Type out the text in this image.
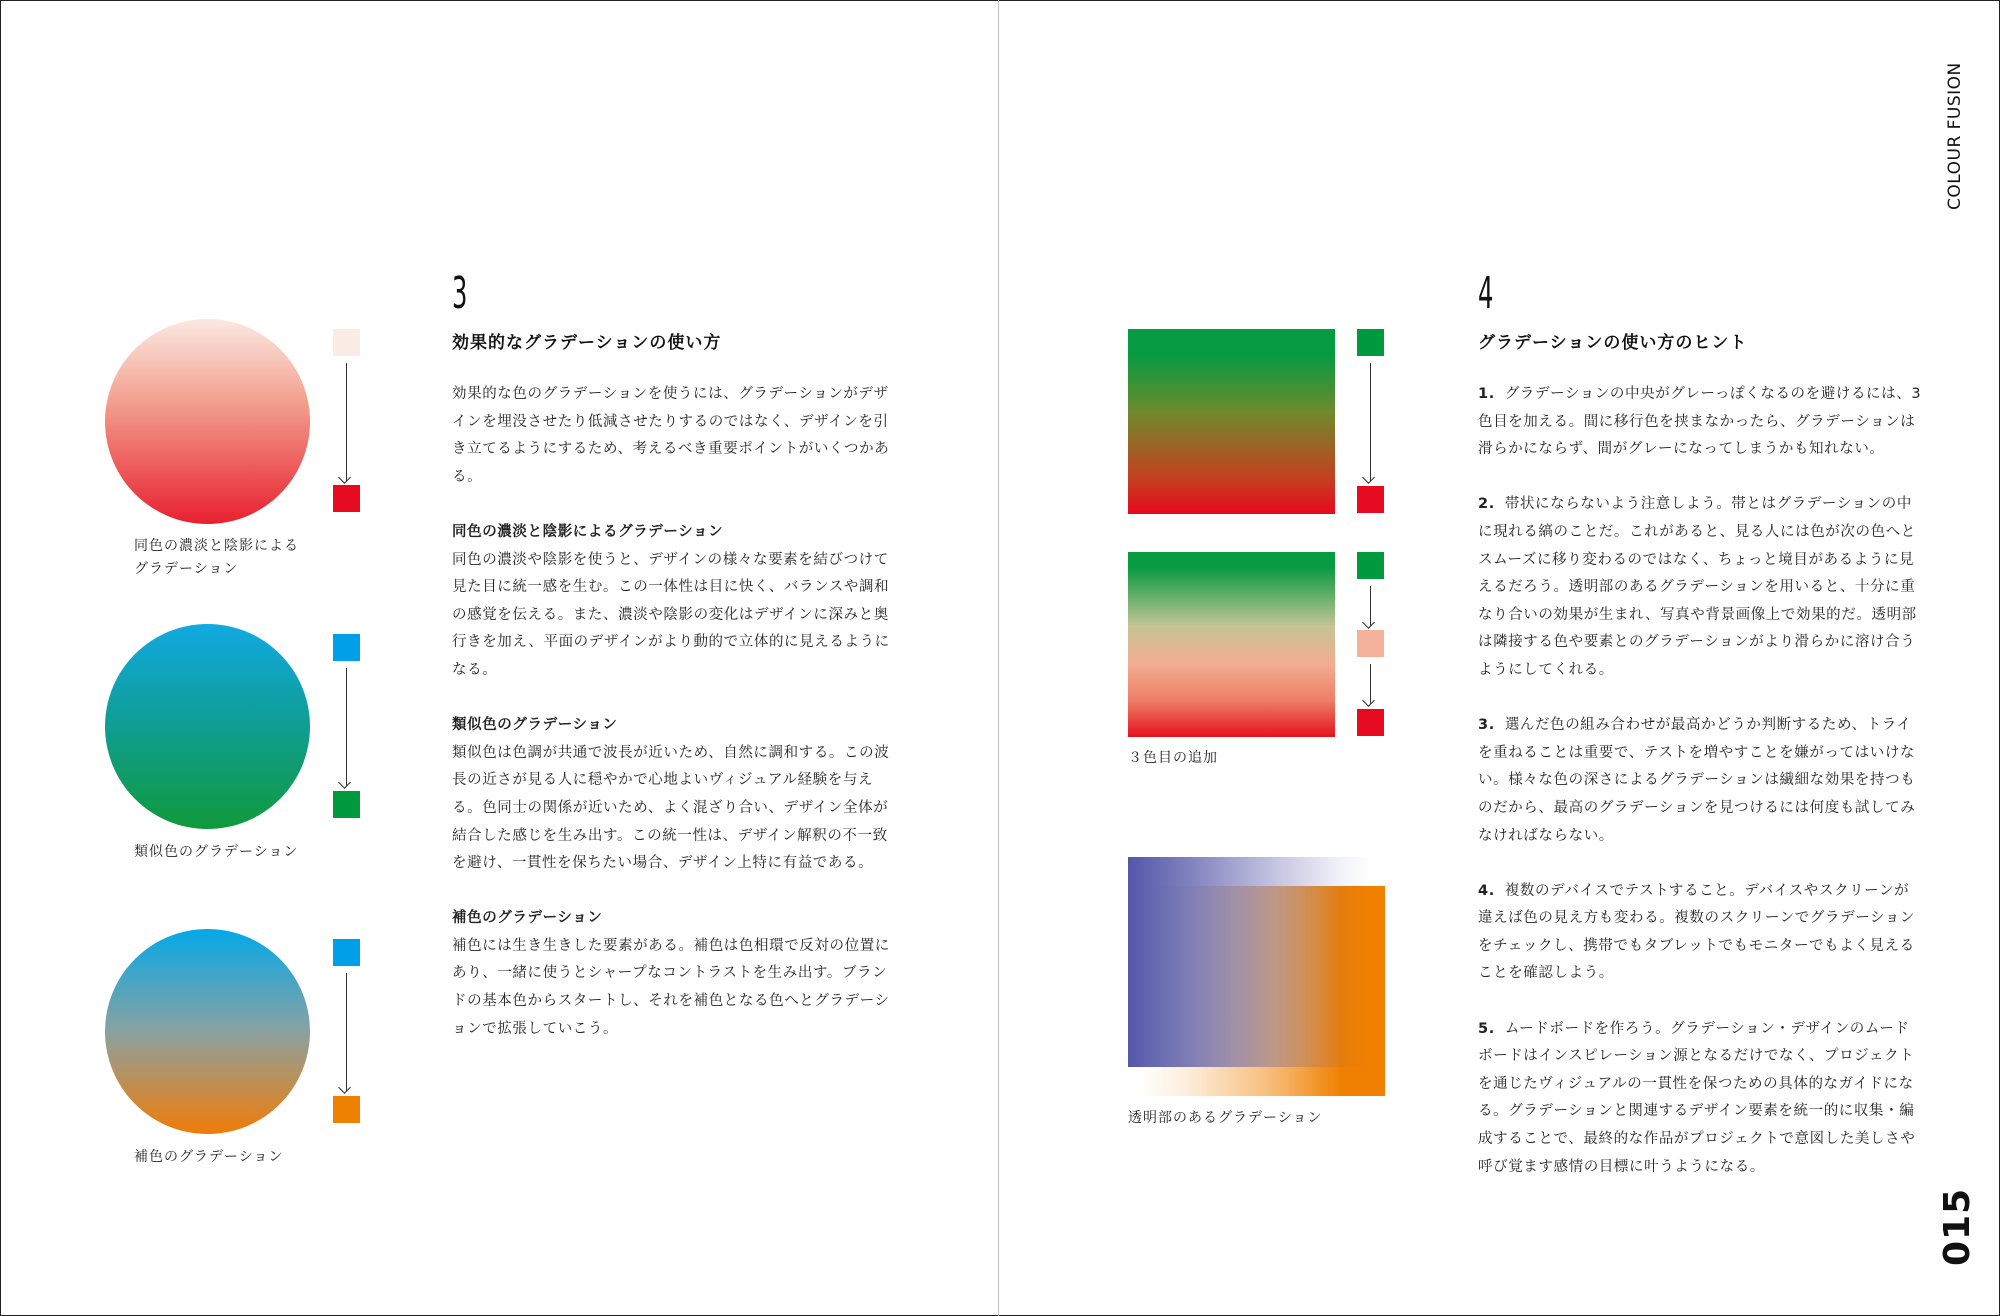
同色の濃淡と陰影による
グラデーション
類似色のグラデーション
補色のグラデーション
3
効果的なグラデーションの使い方

効果的な色のグラデーションを使うには、グラデーションがデザインを埋没させたり低減させたりするのではなく、デザインを引き立てるようにするため、考えるべき重要ポイントがいくつかある。

同色の濃淡と陰影によるグラデーション
同色の濃淡や陰影を使うと、デザインの様々な要素を結びつけて見た目に統一感を生む。この一体性は目に快く、バランスや調和の感覚を伝える。また、濃淡や陰影の変化はデザインに深みと奥行きを加え、平面のデザインがより動的で立体的に見えるようになる。

類似色のグラデーション
類似色は色調が共通で波長が近いため、自然に調和する。この波長の近さが見る人に穏やかで心地よいヴィジュアル経験を与える。色同士の関係が近いため、よく混ざり合い、デザイン全体が結合した感じを生み出す。この統一性は、デザイン解釈の不一致を避け、一貫性を保ちたい場合、デザイン上特に有益である。

補色のグラデーション
補色には生き生きした要素がある。補色は色相環で反対の位置にあり、一緒に使うとシャープなコントラストを生み出す。ブランドの基本色からスタートし、それを補色となる色へとグラデーションで拡張していこう。

３色目の追加
透明部のあるグラデーション
4
グラデーションの使い方のヒント

1. グラデーションの中央がグレーっぽくなるのを避けるには、3色目を加える。間に移行色を挟まなかったら、グラデーションは滑らかにならず、間がグレーになってしまうかも知れない。

2. 帯状にならないよう注意しよう。帯とはグラデーションの中に現れる縞のことだ。これがあると、見る人には色が次の色へとスムーズに移り変わるのではなく、ちょっと境目があるように見えるだろう。透明部のあるグラデーションを用いると、十分に重なり合いの効果が生まれ、写真や背景画像上で効果的だ。透明部は隣接する色や要素とのグラデーションがより滑らかに溶け合うようにしてくれる。

3. 選んだ色の組み合わせが最高かどうか判断するため、トライを重ねることは重要で、テストを増やすことを嫌がってはいけない。様々な色の深さによるグラデーションは繊細な効果を持つものだから、最高のグラデーションを見つけるには何度も試してみなければならない。

4. 複数のデバイスでテストすること。デバイスやスクリーンが違えば色の見え方も変わる。複数のスクリーンでグラデーションをチェックし、携帯でもタブレットでもモニターでもよく見えることを確認しよう。

5. ムードボードを作ろう。グラデーション・デザインのムードボードはインスピレーション源となるだけでなく、プロジェクトを通じたヴィジュアルの一貫性を保つための具体的なガイドになる。グラデーションと関連するデザイン要素を統一的に収集・編成することで、最終的な作品がプロジェクトで意図した美しさや呼び覚ます感情の目標に叶うようになる。

COLOUR FUSION
015
